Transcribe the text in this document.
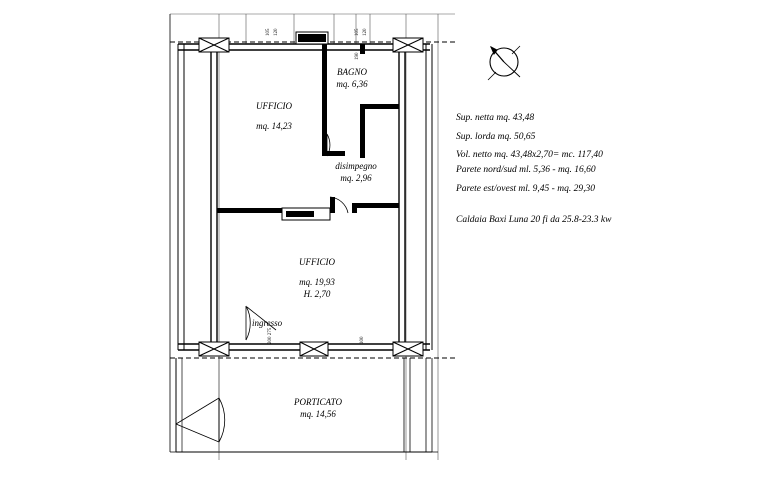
UFFICIO
mq. 14,23
BAGNO
mq. 6,36
disimpegno
mq. 2,96
UFFICIO
mq. 19,93
H. 2,70
PORTICATO
mq. 14,56
ingresso
105 120	105 120
190
200 275	100
Sup. netta mq. 43,48
Sup. lorda mq. 50,65
Vol. netto mq. 43,48x2,70= mc. 117,40
Parete nord/sud ml. 5,36 - mq. 16,60
Parete est/ovest ml. 9,45 - mq. 29,30
Caldaia Baxi Luna 20 fi da 25.8-23.3 kw
